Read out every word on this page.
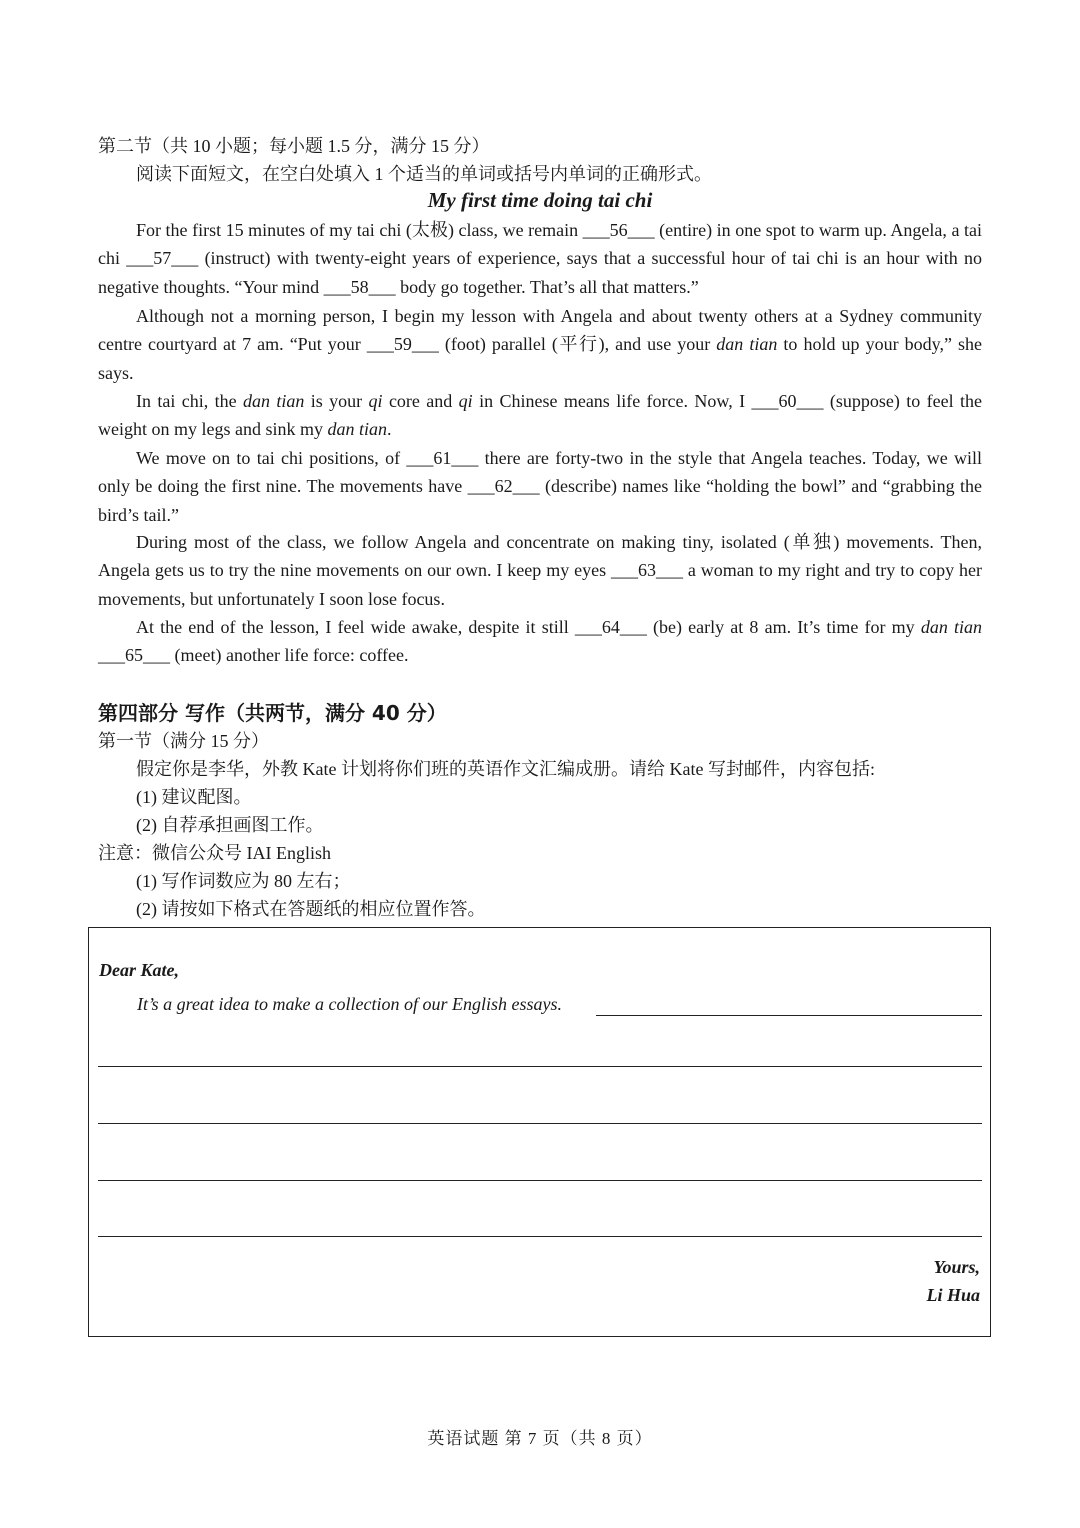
第二节（共 10 小题；每小题 1.5 分，满分 15 分）
阅读下面短文，在空白处填入 1 个适当的单词或括号内单词的正确形式。
My first time doing tai chi

For the first 15 minutes of my tai chi (太极) class, we remain ___56___ (entire) in one spot to warm up. Angela, a tai chi ___57___ (instruct) with twenty-eight years of experience, says that a successful hour of tai chi is an hour with no negative thoughts. “Your mind ___58___ body go together. That’s all that matters.”

Although not a morning person, I begin my lesson with Angela and about twenty others at a Sydney community centre courtyard at 7 am. “Put your ___59___ (foot) parallel (平行), and use your dan tian to hold up your body,” she says.

In tai chi, the dan tian is your qi core and qi in Chinese means life force. Now, I ___60___ (suppose) to feel the weight on my legs and sink my dan tian.

We move on to tai chi positions, of ___61___ there are forty-two in the style that Angela teaches. Today, we will only be doing the first nine. The movements have ___62___ (describe) names like “holding the bowl” and “grabbing the bird’s tail.”

During most of the class, we follow Angela and concentrate on making tiny, isolated (单独) movements. Then, Angela gets us to try the nine movements on our own. I keep my eyes ___63___ a woman to my right and try to copy her movements, but unfortunately I soon lose focus.

At the end of the lesson, I feel wide awake, despite it still ___64___ (be) early at 8 am. It’s time for my dan tian ___65___ (meet) another life force: coffee.

第四部分 写作（共两节，满分 40 分）
第一节（满分 15 分）
假定你是李华，外教 Kate 计划将你们班的英语作文汇编成册。请给 Kate 写封邮件，内容包括:
(1) 建议配图。
(2) 自荐承担画图工作。
注意：微信公众号 IAI English
(1) 写作词数应为 80 左右；
(2) 请按如下格式在答题纸的相应位置作答。
Dear Kate,
It’s a great idea to make a collection of our English essays.
Yours,
Li Hua
英语试题 第 7 页（共 8 页）
